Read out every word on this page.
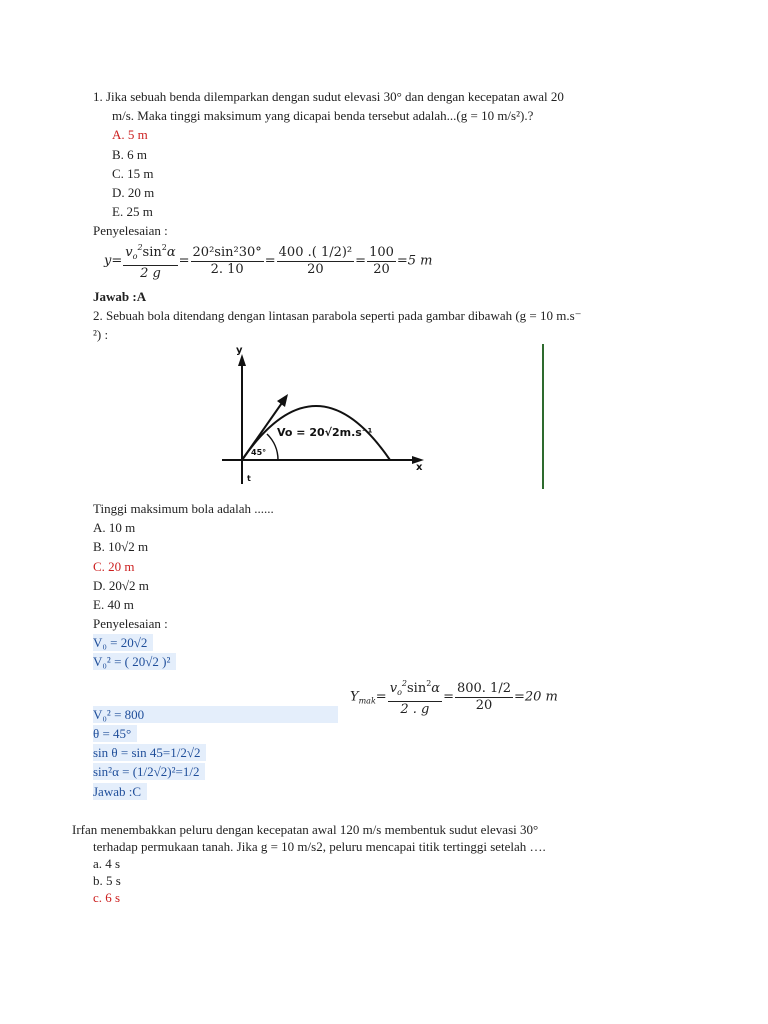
1. Jika sebuah benda dilemparkan dengan sudut elevasi 30° dan dengan kecepatan awal 20
m/s. Maka tinggi maksimum yang dicapai benda tersebut adalah...(g = 10 m/s²).?
A. 5 m
B. 6 m
C. 15 m
D. 20 m
E. 25 m
Penyelesaian :
$y= \frac{v_o^2\sin^2\alpha}{2 g} = \frac{\text{20²sin²30°}}{2. 10} = \frac{\text{400 .( 1/2)²}}{20} = \frac{100}{20} =5$ m
Jawab :A
2. Sebuah bola ditendang dengan lintasan parabola seperti pada gambar dibawah (g = 10 m.s⁻
²) :
y
x
t
45°
Vo = 20√2m.s⁻¹
Tinggi maksimum bola adalah ......
A. 10 m
B. 10√2 m
C. 20 m
D. 20√2 m
E. 40 m
Penyelesaian :
V₀ = 20√2
V₀² = ( 20√2 )²
$Y_{mak}= \frac{v_o^2\sin^2\alpha}{2 . g} = \frac{800. 1/2}{20} =20$ m
V₀² = 800
θ = 45°
sin θ = sin 45=1/2√2
sin²α = (1/2√2)²=1/2
Jawab :C
Irfan menembakkan peluru dengan kecepatan awal 120 m/s membentuk sudut elevasi 30°
terhadap permukaan tanah. Jika g = 10 m/s2, peluru mencapai titik tertinggi setelah ….
a. 4 s
b. 5 s
c. 6 s
